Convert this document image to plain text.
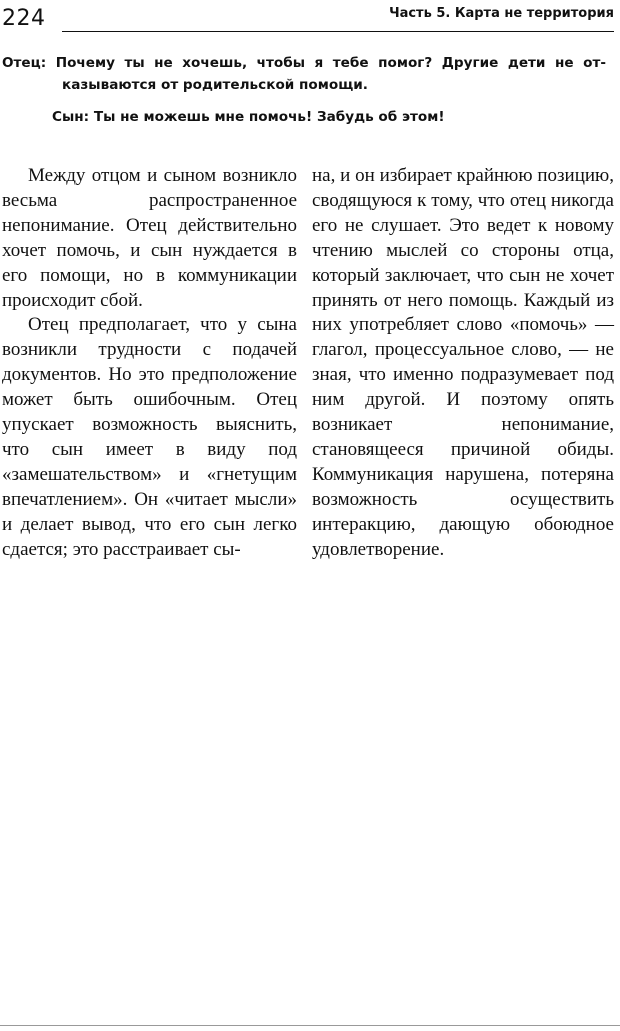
224	Часть 5. Карта не территория
Отец: Почему ты не хочешь, чтобы я тебе помог? Другие дети не отказываются от родительской помощи.
Сын: Ты не можешь мне помочь! Забудь об этом!

Между отцом и сыном возникло весьма распространенное непонимание. Отец действительно хочет помочь, и сын нуждается в его помощи, но в коммуникации происходит сбой.

Отец предполагает, что у сына возникли трудности с подачей документов. Но это предположение может быть ошибочным. Отец упускает возможность выяснить, что сын имеет в виду под «замешательством» и «гнетущим впечатлением». Он «читает мысли» и делает вывод, что его сын легко сдается; это расстраивает сы-

на, и он избирает крайнюю позицию, сводящуюся к тому, что отец никогда его не слушает. Это ведет к новому чтению мыслей со стороны отца, который заключает, что сын не хочет принять от него помощь. Каждый из них употребляет слово «помочь» — глагол, процессуальное слово, — не зная, что именно подразумевает под ним другой. И поэтому опять возникает непонимание, становящееся причиной обиды. Коммуникация нарушена, потеряна возможность осуществить интеракцию, дающую обоюдное удовлетворение.
